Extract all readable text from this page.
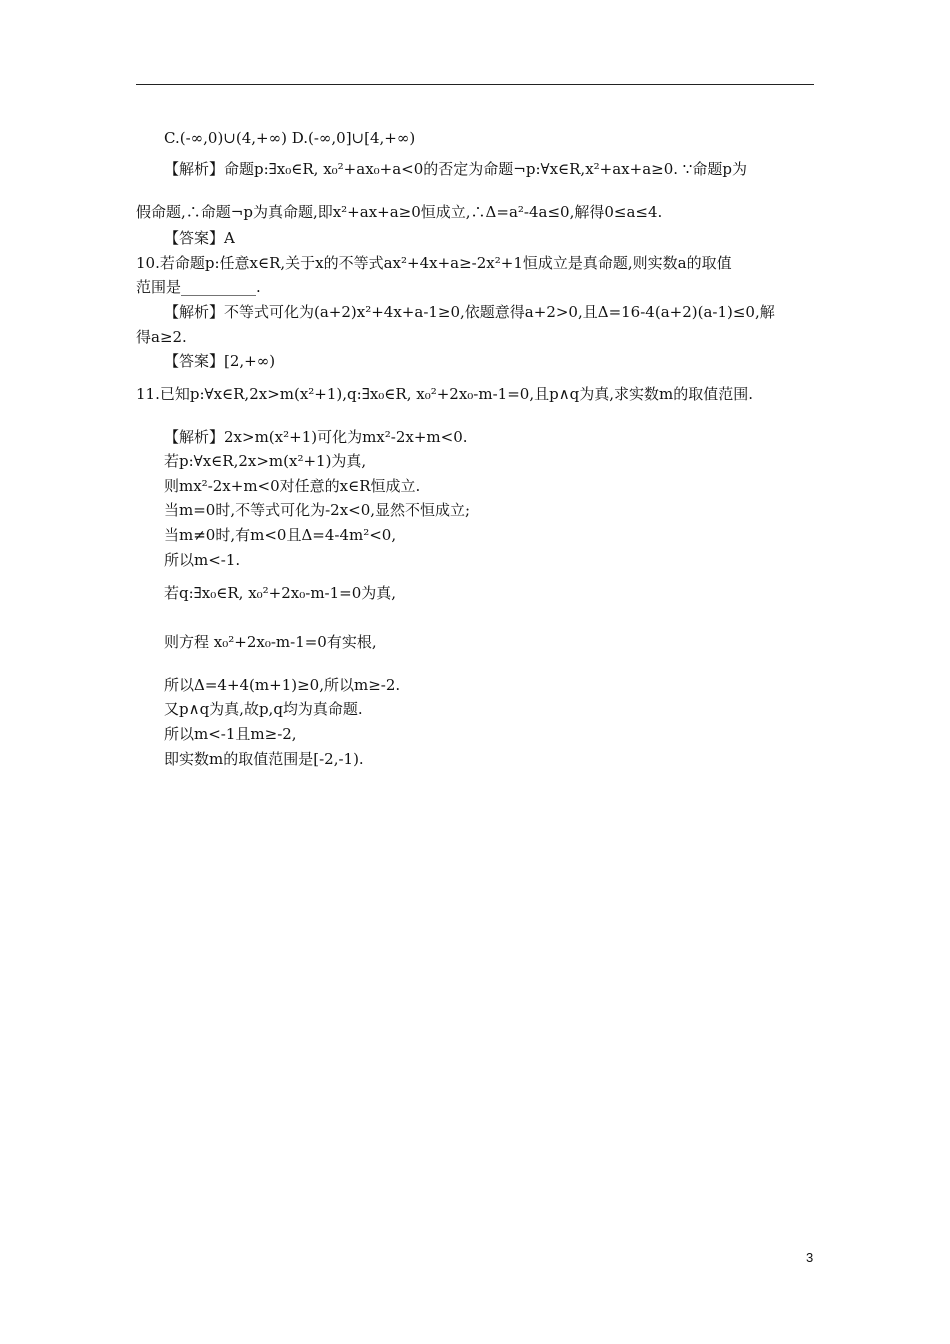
C.(-∞,0)∪(4,+∞) D.(-∞,0]∪[4,+∞)
【解析】命题p:∃x₀∈R, x₀²+ax₀+a<0的否定为命题¬p:∀x∈R,x²+ax+a≥0. ∵命题p为
假命题,∴命题¬p为真命题,即x²+ax+a≥0恒成立,∴Δ=a²-4a≤0,解得0≤a≤4.
【答案】A
10.若命题p:任意x∈R,关于x的不等式ax²+4x+a≥-2x²+1恒成立是真命题,则实数a的取值
范围是__________.
【解析】不等式可化为(a+2)x²+4x+a-1≥0,依题意得a+2>0,且Δ=16-4(a+2)(a-1)≤0,解
得a≥2.
【答案】[2,+∞)
11.已知p:∀x∈R,2x>m(x²+1),q:∃x₀∈R, x₀²+2x₀-m-1=0,且p∧q为真,求实数m的取值范围.
【解析】2x>m(x²+1)可化为mx²-2x+m<0.
若p:∀x∈R,2x>m(x²+1)为真,
则mx²-2x+m<0对任意的x∈R恒成立.
当m=0时,不等式可化为-2x<0,显然不恒成立;
当m≠0时,有m<0且Δ=4-4m²<0,
所以m<-1.
若q:∃x₀∈R, x₀²+2x₀-m-1=0为真,
则方程 x₀²+2x₀-m-1=0有实根,
所以Δ=4+4(m+1)≥0,所以m≥-2.
又p∧q为真,故p,q均为真命题.
所以m<-1且m≥-2,
即实数m的取值范围是[-2,-1).
3
